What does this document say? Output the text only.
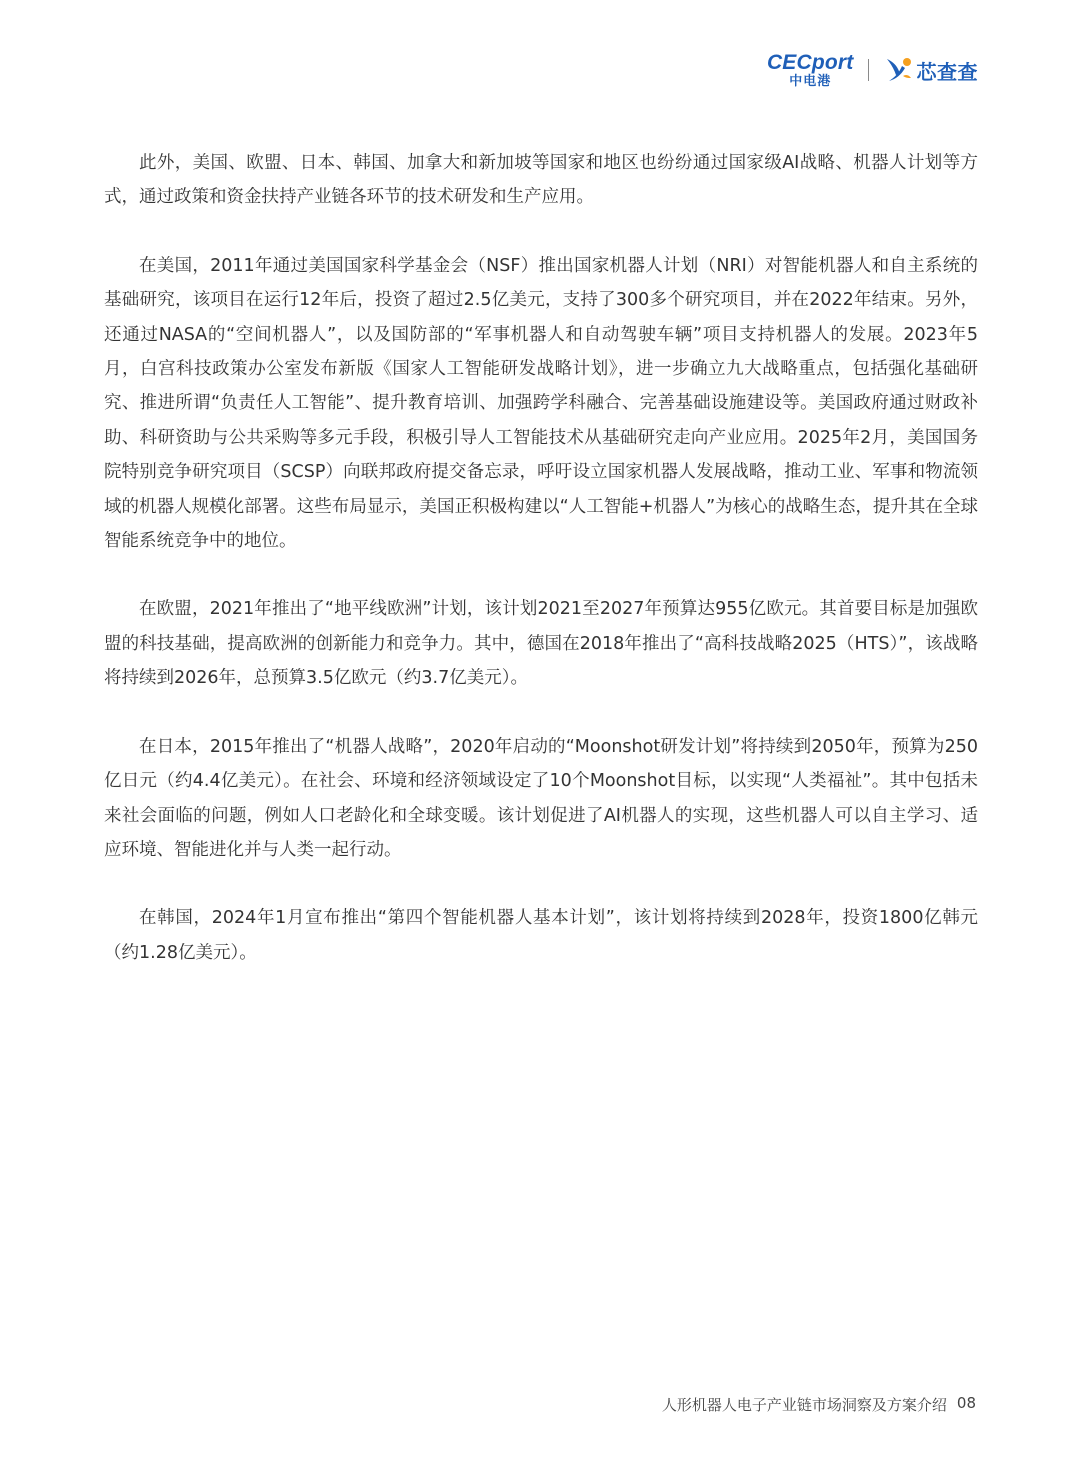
CECport
中电港	芯查查

此外，美国、欧盟、日本、韩国、加拿大和新加坡等国家和地区也纷纷通过国家级AI战略、机器人计划等方式，通过政策和资金扶持产业链各环节的技术研发和生产应用。

在美国，2011年通过美国国家科学基金会（NSF）推出国家机器人计划（NRI）对智能机器人和自主系统的基础研究，该项目在运行12年后，投资了超过2.5亿美元，支持了300多个研究项目，并在2022年结束。另外，还通过NASA的“空间机器人”，以及国防部的“军事机器人和自动驾驶车辆”项目支持机器人的发展。2023年5月，白宫科技政策办公室发布新版《国家人工智能研发战略计划》，进一步确立九大战略重点，包括强化基础研究、推进所谓“负责任人工智能”、提升教育培训、加强跨学科融合、完善基础设施建设等。美国政府通过财政补助、科研资助与公共采购等多元手段，积极引导人工智能技术从基础研究走向产业应用。2025年2月，美国国务院特别竞争研究项目（SCSP）向联邦政府提交备忘录，呼吁设立国家机器人发展战略，推动工业、军事和物流领域的机器人规模化部署。这些布局显示，美国正积极构建以“人工智能+机器人”为核心的战略生态，提升其在全球智能系统竞争中的地位。

在欧盟，2021年推出了“地平线欧洲”计划，该计划2021至2027年预算达955亿欧元。其首要目标是加强欧盟的科技基础，提高欧洲的创新能力和竞争力。其中，德国在2018年推出了“高科技战略2025（HTS）”，该战略将持续到2026年，总预算3.5亿欧元（约3.7亿美元）。

在日本，2015年推出了“机器人战略”，2020年启动的“Moonshot研发计划”将持续到2050年，预算为250亿日元（约4.4亿美元）。在社会、环境和经济领域设定了10个Moonshot目标，以实现“人类福祉”。其中包括未来社会面临的问题，例如人口老龄化和全球变暖。该计划促进了AI机器人的实现，这些机器人可以自主学习、适应环境、智能进化并与人类一起行动。

在韩国，2024年1月宣布推出“第四个智能机器人基本计划”，该计划将持续到2028年，投资1800亿韩元（约1.28亿美元）。

人形机器人电子产业链市场洞察及方案介绍 08
